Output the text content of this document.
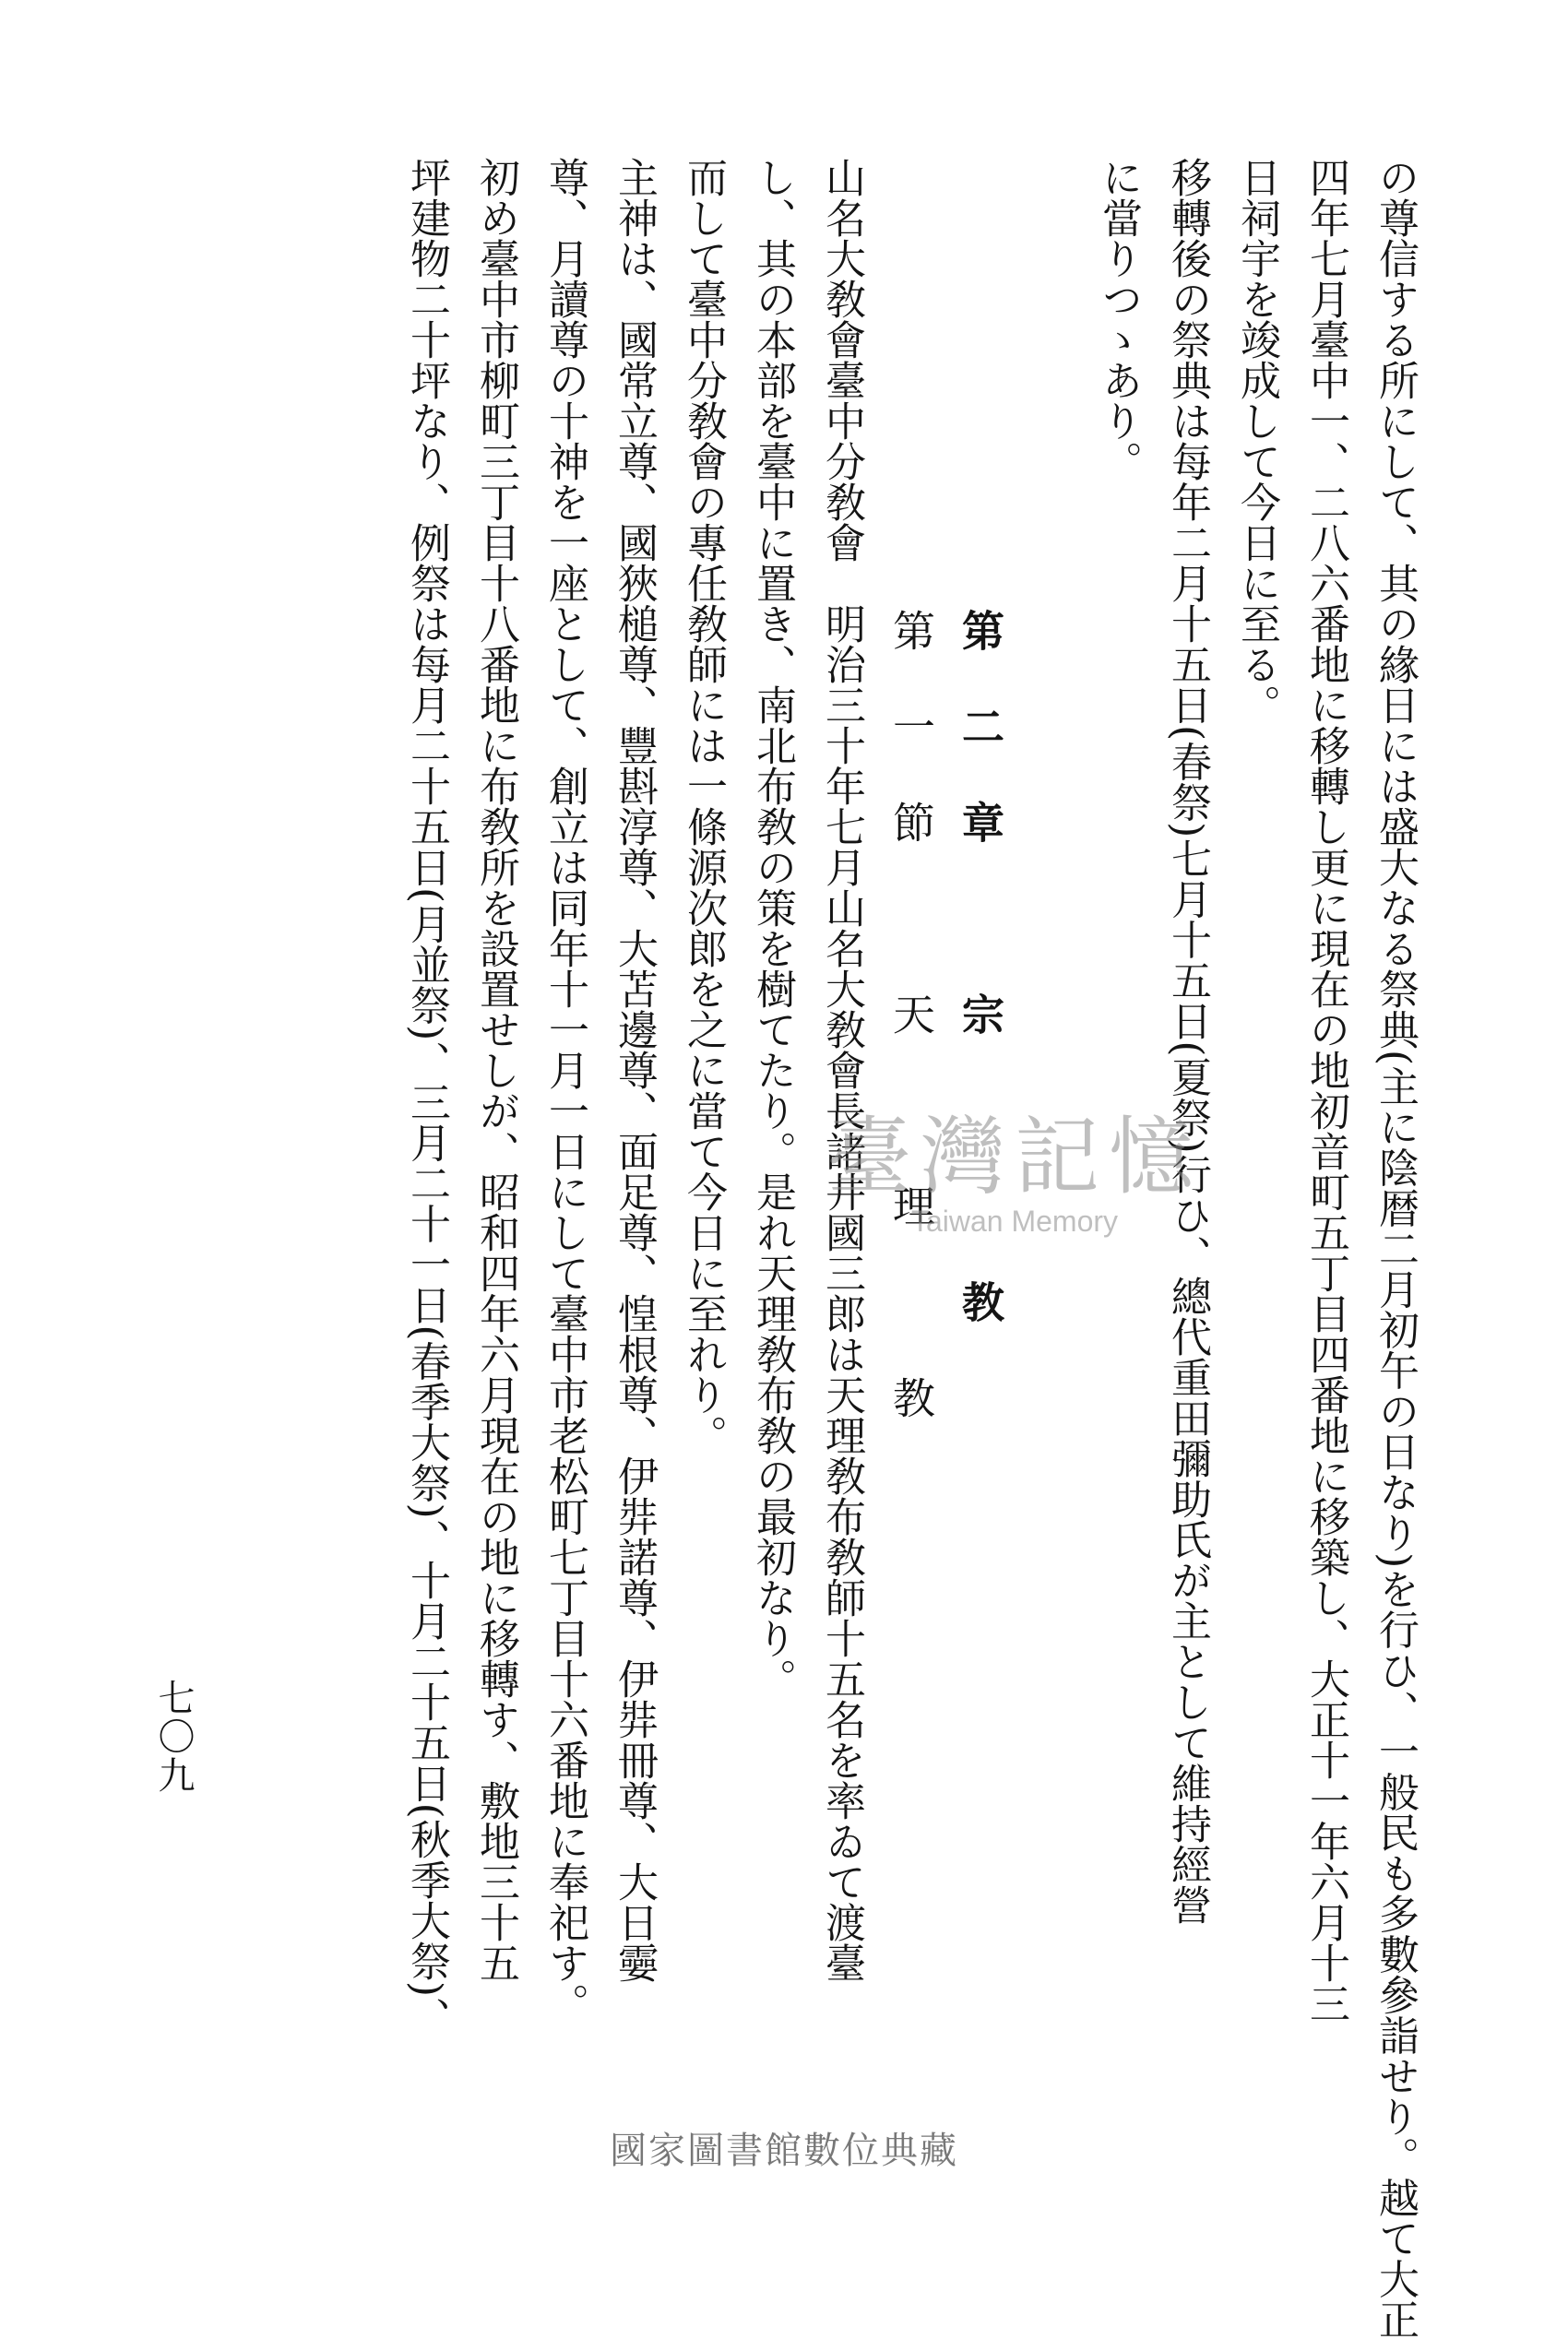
の尊信する所にして、其の緣日には盛大なる祭典(主に陰暦二月初午の日なり)を行ひ、一般民も多數參詣せり。越て大正
四年七月臺中一、二八六番地に移轉し更に現在の地初音町五丁目四番地に移築し、大正十一年六月十三
日祠宇を竣成して今日に至る。
移轉後の祭典は每年二月十五日(春祭)七月十五日(夏祭)行ひ、總代重田彌助氏が主として維持經營
に當りつゝあり。
第二章　宗　　教
第一節　天　理　教
山名大敎會臺中分敎會　明治三十年七月山名大敎會長諸井國三郎は天理敎布敎師十五名を率ゐて渡臺
し、其の本部を臺中に置き、南北布敎の策を樹てたり。是れ天理敎布敎の最初なり。
而して臺中分敎會の專任敎師には一條源次郎を之に當て今日に至れり。
主神は、國常立尊、國狹槌尊、豐斟淳尊、大苫邊尊、面足尊、惶根尊、伊弉諾尊、伊弉冊尊、大日孁
尊、月讀尊の十神を一座として、創立は同年十一月一日にして臺中市老松町七丁目十六番地に奉祀す。
初め臺中市柳町三丁目十八番地に布敎所を設置せしが、昭和四年六月現在の地に移轉す、敷地三十五
坪建物二十坪なり、例祭は每月二十五日(月並祭)、三月二十一日(春季大祭)、十月二十五日(秋季大祭)、
七〇九
臺灣記憶
Taiwan Memory
國家圖書館數位典藏
